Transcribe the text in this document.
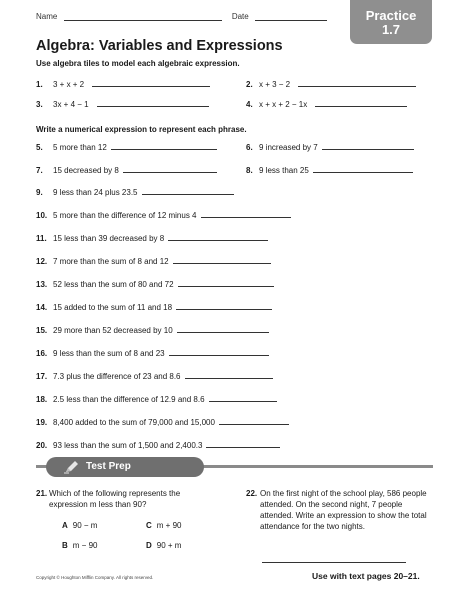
Name	Date	Practice
1.7
Algebra: Variables and Expressions
Use algebra tiles to model each algebraic expression.
1. 3 + x + 2	2. x + 3 − 2
3. 3x + 4 − 1	4. x + x + 2 − 1x
Write a numerical expression to represent each phrase.
5. 5 more than 12	6. 9 increased by 7
7. 15 decreased by 8	8. 9 less than 25
9. 9 less than 24 plus 23.5
10. 5 more than the difference of 12 minus 4
11. 15 less than 39 decreased by 8
12. 7 more than the sum of 8 and 12
13. 52 less than the sum of 80 and 72
14. 15 added to the sum of 11 and 18
15. 29 more than 52 decreased by 10
16. 9 less than the sum of 8 and 23
17. 7.3 plus the difference of 23 and 8.6
18. 2.5 less than the difference of 12.9 and 8.6
19. 8,400 added to the sum of 79,000 and 15,000
20. 93 less than the sum of 1,500 and 2,400.3
Test Prep
21. Which of the following represents the expression m less than 90?
A 90 − m	C m + 90
B m − 90	D 90 + m
22. On the first night of the school play, 586 people attended. On the second night, 7 people attended. Write an expression to show the total attendance for the two nights.
Copyright © Houghton Mifflin Company. All rights reserved.	Use with text pages 20–21.
